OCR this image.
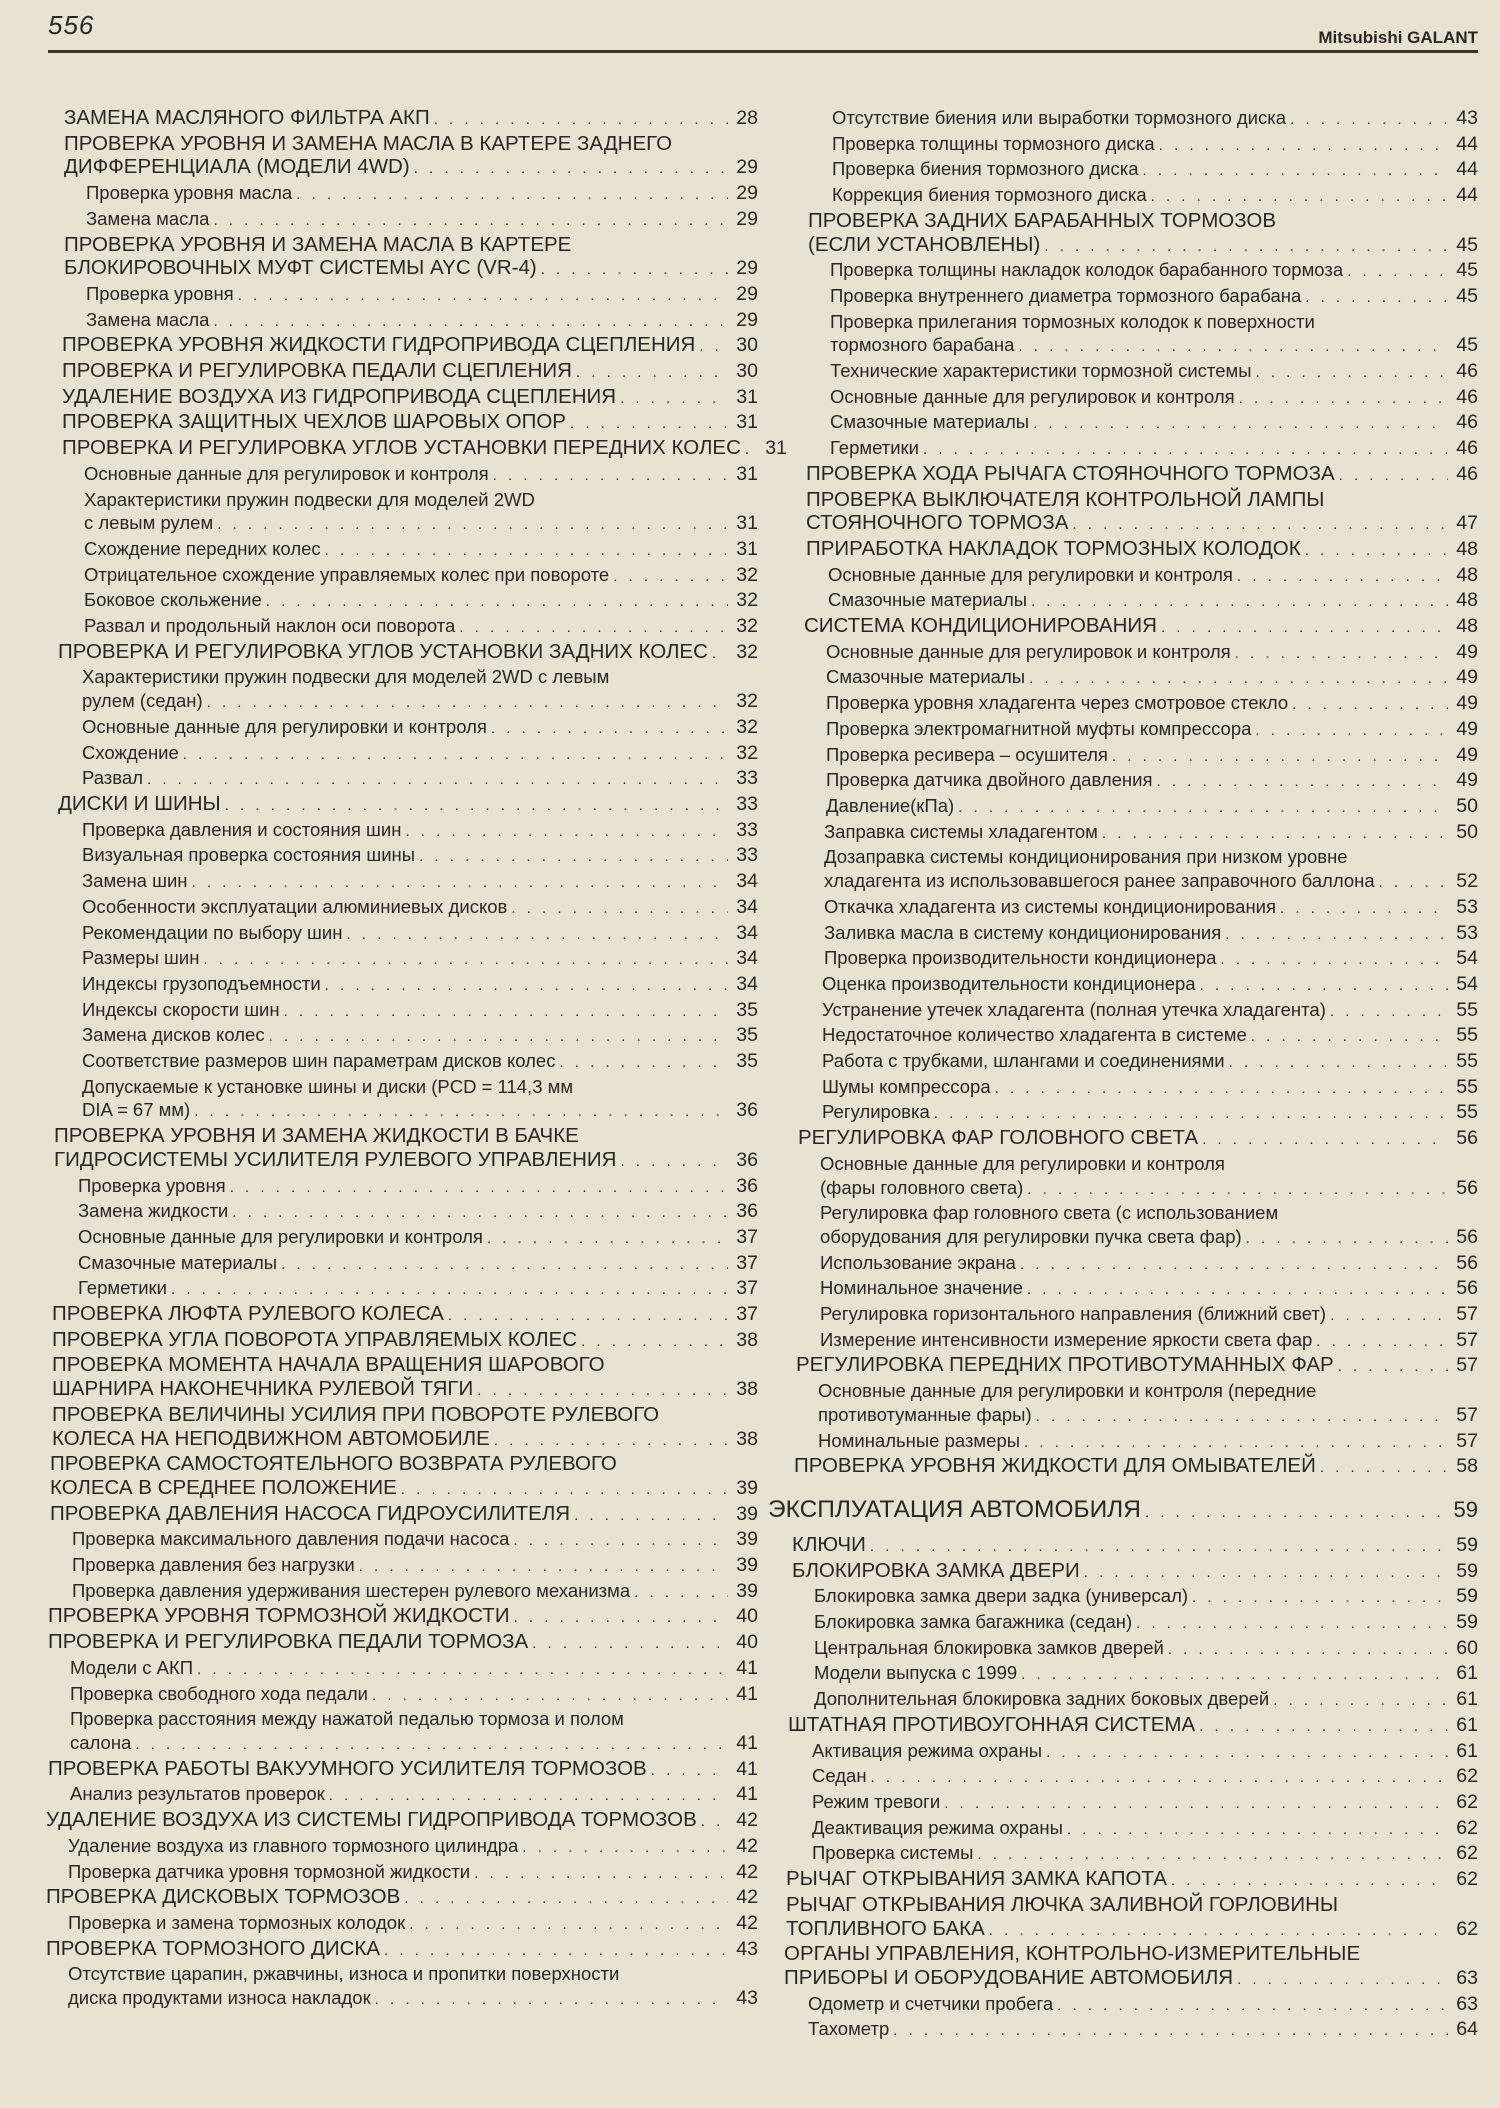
556	Mitsubishi GALANT
ЗАМЕНА МАСЛЯНОГО ФИЛЬТРА АКП . . .	28
ПРОВЕРКА УРОВНЯ И ЗАМЕНА МАСЛА В КАРТЕРЕ ЗАДНЕГО
ДИФФЕРЕНЦИАЛА (МОДЕЛИ 4WD) . . .	29
Проверка уровня масла . . .	29
Замена масла . . .	29
ПРОВЕРКА УРОВНЯ И ЗАМЕНА МАСЛА В КАРТЕРЕ
БЛОКИРОВОЧНЫХ МУФТ СИСТЕМЫ AYC (VR-4) . . .	29
Проверка уровня . . .	29
Замена масла . . .	29
ПРОВЕРКА УРОВНЯ ЖИДКОСТИ ГИДРОПРИВОДА СЦЕПЛЕНИЯ . . . 30
ПРОВЕРКА И РЕГУЛИРОВКА ПЕДАЛИ СЦЕПЛЕНИЯ . . .	30
УДАЛЕНИЕ ВОЗДУХА ИЗ ГИДРОПРИВОДА СЦЕПЛЕНИЯ . . .	31
ПРОВЕРКА ЗАЩИТНЫХ ЧЕХЛОВ ШАРОВЫХ ОПОР . . .	31
ПРОВЕРКА И РЕГУЛИРОВКА УГЛОВ УСТАНОВКИ ПЕРЕДНИХ КОЛЕС . . . 31
Основные данные для регулировок и контроля . . .	31
Характеристики пружин подвески для моделей 2WD
с левым рулем . . .	31
Схождение передних колес . . .	31
Отрицательное схождение управляемых колес при повороте . . .	32
Боковое скольжение . . .	32
Развал и продольный наклон оси поворота . . .	32
ПРОВЕРКА И РЕГУЛИРОВКА УГЛОВ УСТАНОВКИ ЗАДНИХ КОЛЕС . . . 32
Характеристики пружин подвески для моделей 2WD с левым
рулем (седан) . . .	32
Основные данные для регулировки и контроля . . .	32
Схождение . . .	32
Развал . . .	33
ДИСКИ И ШИНЫ . . .	33
Проверка давления и состояния шин . . .	33
Визуальная проверка состояния шины . . .	33
Замена шин . . .	34
Особенности эксплуатации алюминиевых дисков . . .	34
Рекомендации по выбору шин . . .	34
Размеры шин . . .	34
Индексы грузоподъемности . . .	34
Индексы скорости шин . . .	35
Замена дисков колес . . .	35
Соответствие размеров шин параметрам дисков колес . . .	35
Допускаемые к установке шины и диски (PCD = 114,3 мм
DIA = 67 мм) . . .	36
ПРОВЕРКА УРОВНЯ И ЗАМЕНА ЖИДКОСТИ В БАЧКЕ
ГИДРОСИСТЕМЫ УСИЛИТЕЛЯ РУЛЕВОГО УПРАВЛЕНИЯ . . .	36
Проверка уровня . . .	36
Замена жидкости . . .	36
Основные данные для регулировки и контроля . . .	37
Смазочные материалы . . .	37
Герметики . . .	37
ПРОВЕРКА ЛЮФТА РУЛЕВОГО КОЛЕСА . . .	37
ПРОВЕРКА УГЛА ПОВОРОТА УПРАВЛЯЕМЫХ КОЛЕС . . .	38
ПРОВЕРКА МОМЕНТА НАЧАЛА ВРАЩЕНИЯ ШАРОВОГО
ШАРНИРА НАКОНЕЧНИКА РУЛЕВОЙ ТЯГИ . . .	38
ПРОВЕРКА ВЕЛИЧИНЫ УСИЛИЯ ПРИ ПОВОРОТЕ РУЛЕВОГО
КОЛЕСА НА НЕПОДВИЖНОМ АВТОМОБИЛЕ . . .	38
ПРОВЕРКА САМОСТОЯТЕЛЬНОГО ВОЗВРАТА РУЛЕВОГО
КОЛЕСА В СРЕДНЕЕ ПОЛОЖЕНИЕ . . .	39
ПРОВЕРКА ДАВЛЕНИЯ НАСОСА ГИДРОУСИЛИТЕЛЯ . . .	39
Проверка максимального давления подачи насоса . . .	39
Проверка давления без нагрузки . . .	39
Проверка давления удерживания шестерен рулевого механизма . . .	39
ПРОВЕРКА УРОВНЯ ТОРМОЗНОЙ ЖИДКОСТИ . . .	40
ПРОВЕРКА И РЕГУЛИРОВКА ПЕДАЛИ ТОРМОЗА . . .	40
Модели с АКП . . .	41
Проверка свободного хода педали . . .	41
Проверка расстояния между нажатой педалью тормоза и полом
салона . . .	41
ПРОВЕРКА РАБОТЫ ВАКУУМНОГО УСИЛИТЕЛЯ ТОРМОЗОВ . . .	41
Анализ результатов проверок . . .	41
УДАЛЕНИЕ ВОЗДУХА ИЗ СИСТЕМЫ ГИДРОПРИВОДА ТОРМОЗОВ . . . 42
Удаление воздуха из главного тормозного цилиндра . . .	42
Проверка датчика уровня тормозной жидкости . . .	42
ПРОВЕРКА ДИСКОВЫХ ТОРМОЗОВ . . .	42
Проверка и замена тормозных колодок . . .	42
ПРОВЕРКА ТОРМОЗНОГО ДИСКА . . .	43
Отсутствие царапин, ржавчины, износа и пропитки поверхности
диска продуктами износа накладок . . .	43
Отсутствие биения или выработки тормозного диска . . .	43
Проверка толщины тормозного диска . . .	44
Проверка биения тормозного диска . . .	44
Коррекция биения тормозного диска . . .	44
ПРОВЕРКА ЗАДНИХ БАРАБАННЫХ ТОРМОЗОВ
(ЕСЛИ УСТАНОВЛЕНЫ) . . .	45
Проверка толщины накладок колодок барабанного тормоза . . .	45
Проверка внутреннего диаметра тормозного барабана . . .	45
Проверка прилегания тормозных колодок к поверхности
тормозного барабана . . .	45
Технические характеристики тормозной системы . . .	46
Основные данные для регулировок и контроля . . .	46
Смазочные материалы . . .	46
Герметики . . .	46
ПРОВЕРКА ХОДА РЫЧАГА СТОЯНОЧНОГО ТОРМОЗА . . .	46
ПРОВЕРКА ВЫКЛЮЧАТЕЛЯ КОНТРОЛЬНОЙ ЛАМПЫ
СТОЯНОЧНОГО ТОРМОЗА . . .	47
ПРИРАБОТКА НАКЛАДОК ТОРМОЗНЫХ КОЛОДОК . . .	48
Основные данные для регулировки и контроля . . .	48
Смазочные материалы . . .	48
СИСТЕМА КОНДИЦИОНИРОВАНИЯ . . .	48
Основные данные для регулировок и контроля . . .	49
Смазочные материалы . . .	49
Проверка уровня хладагента через смотровое стекло . . .	49
Проверка электромагнитной муфты компрессора . . .	49
Проверка ресивера – осушителя . . .	49
Проверка датчика двойного давления . . .	49
Давление(кПа) . . .	50
Заправка системы хладагентом . . .	50
Дозаправка системы кондиционирования при низком уровне
хладагента из использовавшегося ранее заправочного баллона . . .	52
Откачка хладагента из системы кондиционирования . . .	53
Заливка масла в систему кондиционирования . . .	53
Проверка производительности кондиционера . . .	54
Оценка производительности кондиционера . . .	54
Устранение утечек хладагента (полная утечка хладагента) . . .	55
Недостаточное количество хладагента в системе . . .	55
Работа с трубками, шлангами и соединениями . . .	55
Шумы компрессора . . .	55
Регулировка . . .	55
РЕГУЛИРОВКА ФАР ГОЛОВНОГО СВЕТА . . .	56
Основные данные для регулировки и контроля
(фары головного света) . . .	56
Регулировка фар головного света (с использованием
оборудования для регулировки пучка света фар) . . .	56
Использование экрана . . .	56
Номинальное значение . . .	56
Регулировка горизонтального направления (ближний свет) . . .	57
Измерение интенсивности измерение яркости света фар . . .	57
РЕГУЛИРОВКА ПЕРЕДНИХ ПРОТИВОТУМАННЫХ ФАР . . .	57
Основные данные для регулировки и контроля (передние
противотуманные фары) . . .	57
Номинальные размеры . . .	57
ПРОВЕРКА УРОВНЯ ЖИДКОСТИ ДЛЯ ОМЫВАТЕЛЕЙ . . .	58
ЭКСПЛУАТАЦИЯ АВТОМОБИЛЯ . . .	59
КЛЮЧИ . . .	59
БЛОКИРОВКА ЗАМКА ДВЕРИ . . .	59
Блокировка замка двери задка (универсал) . . .	59
Блокировка замка багажника (седан) . . .	59
Центральная блокировка замков дверей . . .	60
Модели выпуска с 1999 . . .	61
Дополнительная блокировка задних боковых дверей . . .	61
ШТАТНАЯ ПРОТИВОУГОННАЯ СИСТЕМА . . .	61
Активация режима охраны . . .	61
Седан . . .	62
Режим тревоги . . .	62
Деактивация режима охраны . . .	62
Проверка системы . . .	62
РЫЧАГ ОТКРЫВАНИЯ ЗАМКА КАПОТА . . .	62
РЫЧАГ ОТКРЫВАНИЯ ЛЮЧКА ЗАЛИВНОЙ ГОРЛОВИНЫ
ТОПЛИВНОГО БАКА . . .	62
ОРГАНЫ УПРАВЛЕНИЯ, КОНТРОЛЬНО-ИЗМЕРИТЕЛЬНЫЕ
ПРИБОРЫ И ОБОРУДОВАНИЕ АВТОМОБИЛЯ . . .	63
Одометр и счетчики пробега . . .	63
Тахометр . . .	64
